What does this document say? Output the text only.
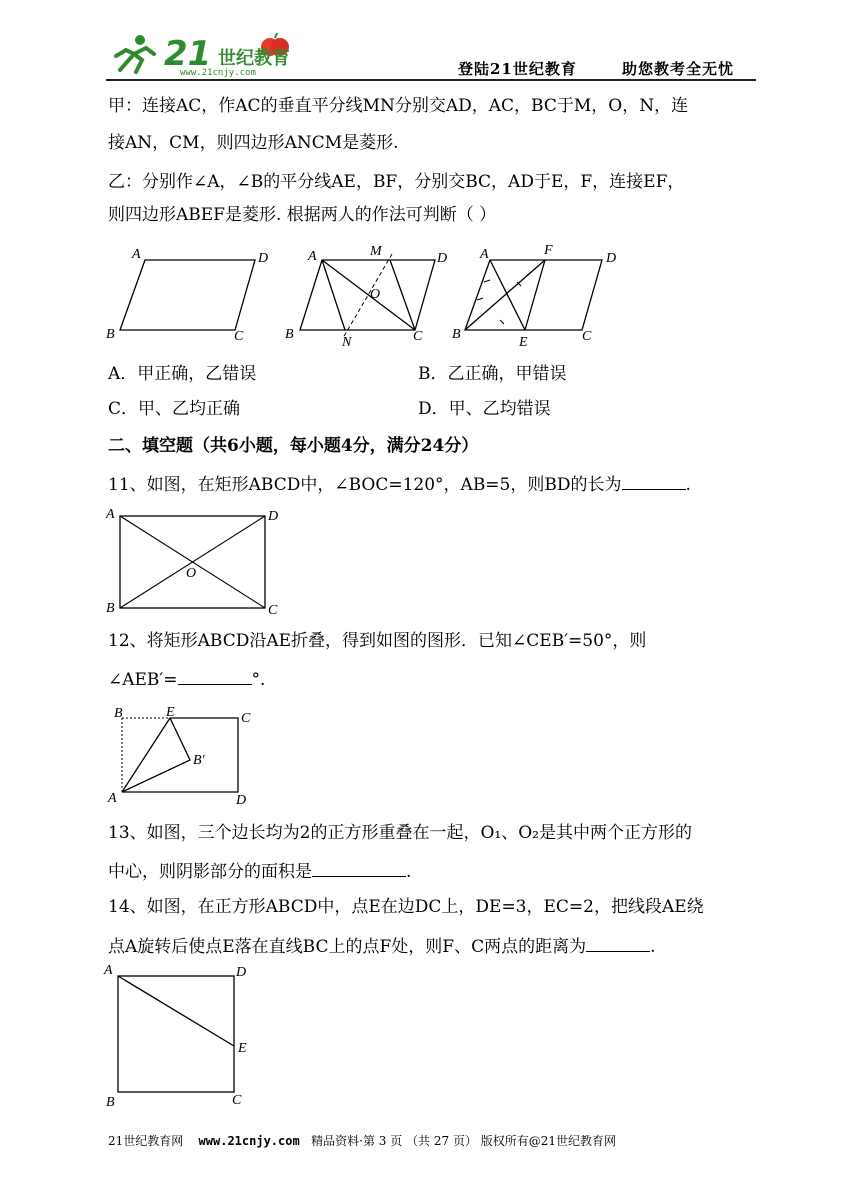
21 世纪教育
www.21cnjy.com	登陆21世纪教育	助您教考全无忧
甲：连接AC，作AC的垂直平分线MN分别交AD，AC，BC于M，O，N，连
接AN，CM，则四边形ANCM是菱形.
乙：分别作∠A，∠B的平分线AE，BF，分别交BC，AD于E，F，连接EF，
则四边形ABEF是菱形. 根据两人的作法可判断（ ）
A	D
B	C
A	M	D
O
B
N	C
A	F
D
B
E	C
A．甲正确，乙错误	B．乙正确，甲错误
C．甲、乙均正确	D．甲、乙均错误
二、填空题（共6小题，每小题4分，满分24分）
11、如图，在矩形ABCD中，∠BOC=120°，AB=5，则BD的长为	.
A	D
O
B	C
12、将矩形ABCD沿AE折叠，得到如图的图形．已知∠CEB′=50°，则
∠AEB′=	°.
B	E	C
B′
A	D
13、如图，三个边长均为2的正方形重叠在一起，O₁、O₂是其中两个正方形的
中心，则阴影部分的面积是	.
14、如图，在正方形ABCD中，点E在边DC上，DE=3，EC=2，把线段AE绕
点A旋转后使点E落在直线BC上的点F处，则F、C两点的距离为	.
A	D
E
B	C
21世纪教育网 www.21cnjy.com 精品资料·第 3 页 （共 27 页） 版权所有@21世纪教育网
